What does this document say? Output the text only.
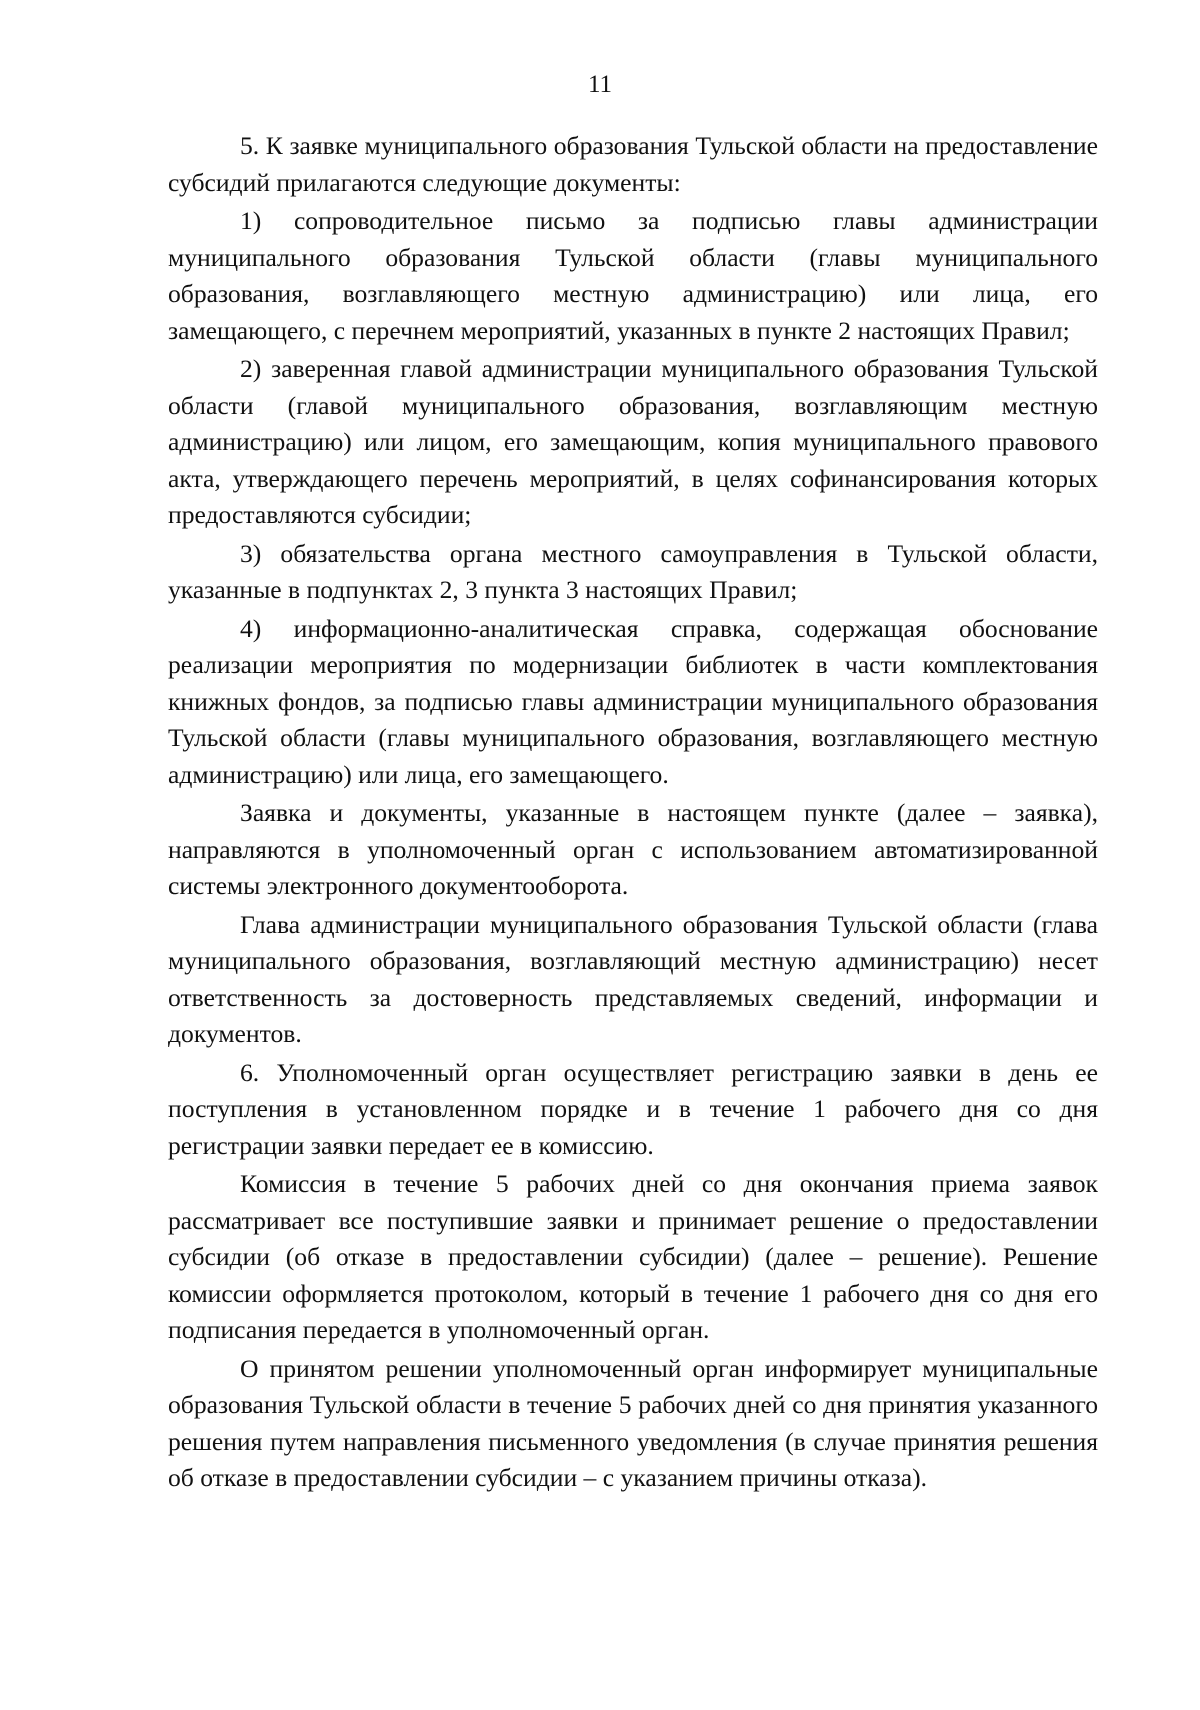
11

5. К заявке муниципального образования Тульской области на предоставление субсидий прилагаются следующие документы:

1) сопроводительное письмо за подписью главы администрации муниципального образования Тульской области (главы муниципального образования, возглавляющего местную администрацию) или лица, его замещающего, с перечнем мероприятий, указанных в пункте 2 настоящих Правил;

2) заверенная главой администрации муниципального образования Тульской области (главой муниципального образования, возглавляющим местную администрацию) или лицом, его замещающим, копия муниципального правового акта, утверждающего перечень мероприятий, в целях софинансирования которых предоставляются субсидии;

3) обязательства органа местного самоуправления в Тульской области, указанные в подпунктах 2, 3 пункта 3 настоящих Правил;

4) информационно-аналитическая справка, содержащая обоснование реализации мероприятия по модернизации библиотек в части комплектования книжных фондов, за подписью главы администрации муниципального образования Тульской области (главы муниципального образования, возглавляющего местную администрацию) или лица, его замещающего.

Заявка и документы, указанные в настоящем пункте (далее – заявка), направляются в уполномоченный орган с использованием автоматизированной системы электронного документооборота.

Глава администрации муниципального образования Тульской области (глава муниципального образования, возглавляющий местную администрацию) несет ответственность за достоверность представляемых сведений, информации и документов.

6. Уполномоченный орган осуществляет регистрацию заявки в день ее поступления в установленном порядке и в течение 1 рабочего дня со дня регистрации заявки передает ее в комиссию.

Комиссия в течение 5 рабочих дней со дня окончания приема заявок рассматривает все поступившие заявки и принимает решение о предоставлении субсидии (об отказе в предоставлении субсидии) (далее – решение). Решение комиссии оформляется протоколом, который в течение 1 рабочего дня со дня его подписания передается в уполномоченный орган.

О принятом решении уполномоченный орган информирует муниципальные образования Тульской области в течение 5 рабочих дней со дня принятия указанного решения путем направления письменного уведомления (в случае принятия решения об отказе в предоставлении субсидии – с указанием причины отказа).
